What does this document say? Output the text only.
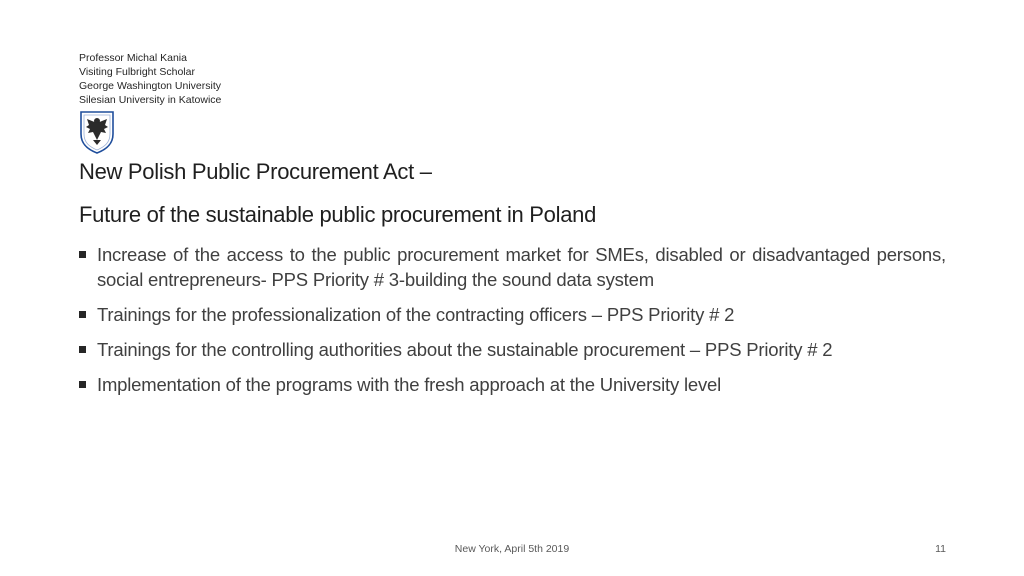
Professor Michal Kania
Visiting Fulbright Scholar
George Washington University
Silesian University in Katowice
New Polish Public Procurement Act –
Future of the sustainable public procurement in Poland
Increase of the access to the public procurement market for SMEs, disabled or disadvantaged persons, social entrepreneurs- PPS Priority # 3-building the sound data system
Trainings for the professionalization of the contracting officers – PPS Priority # 2
Trainings for the controlling authorities about the sustainable procurement – PPS Priority # 2
Implementation of the programs with the fresh approach at the University level
New York, April 5th 2019	11
